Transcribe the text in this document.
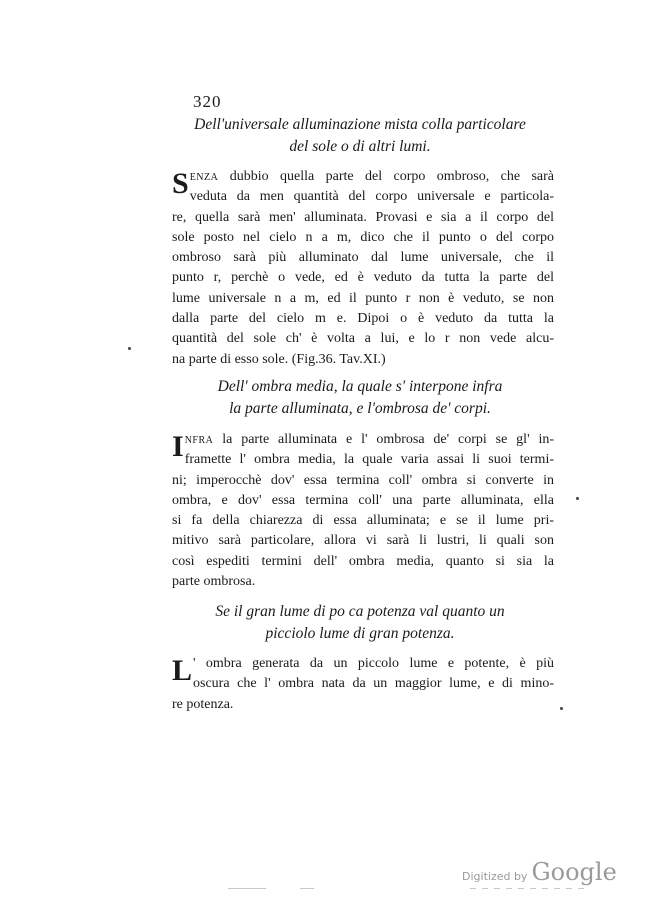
320
Dell'universale alluminazione mista colla particolare
del sole o di altri lumi.
S ENZA dubbio quella parte del corpo ombroso, che sarà
veduta da men quantità del corpo universale e particola-
re, quella sarà men' alluminata. Provasi e sia a il corpo del
sole posto nel cielo n a m, dico che il punto o del corpo
ombroso sarà più alluminato dal lume universale, che il
punto r, perchè o vede, ed è veduto da tutta la parte del
lume universale n a m, ed il punto r non è veduto, se non
dalla parte del cielo m e. Dipoi o è veduto da tutta la
quantità del sole ch' è volta a lui, e lo r non vede alcu-
na parte di esso sole. (Fig.36. Tav.XI.)
Dell' ombra media, la quale s' interpone infra
la parte alluminata, e l'ombrosa de' corpi.
I NFRA la parte alluminata e l' ombrosa de' corpi se gl' in-
framette l' ombra media, la quale varia assai li suoi termi-
ni; imperocchè dov' essa termina coll' ombra si converte in
ombra, e dov' essa termina coll' una parte alluminata, ella
si fa della chiarezza di essa alluminata; e se il lume pri-
mitivo sarà particolare, allora vi sarà li lustri, li quali son
così espediti termini dell' ombra media, quanto si sia la
parte ombrosa.
Se il gran lume di po ca potenza val quanto un
picciolo lume di gran potenza.
L ' ombra generata da un piccolo lume e potente, è più
oscura che l' ombra nata da un maggior lume, e di mino-
re potenza.
Digitized by Google
